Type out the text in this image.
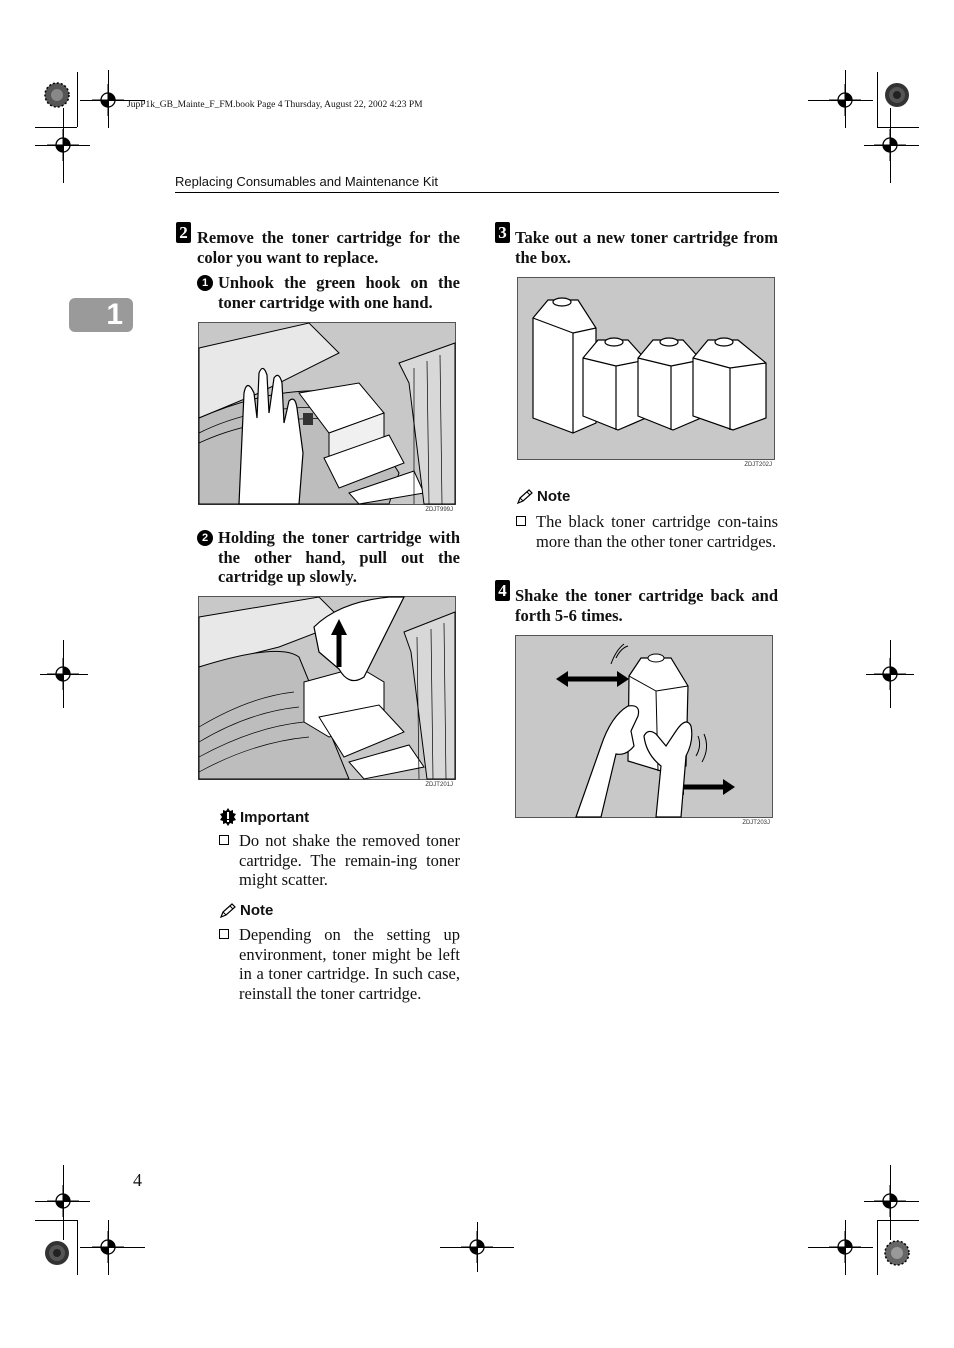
JupP1k_GB_Mainte_F_FM.book Page 4 Thursday, August 22, 2002 4:23 PM
Replacing Consumables and Maintenance Kit
1
2 Remove the toner cartridge for the color you want to replace.
1 Unhook the green hook on the toner cartridge with one hand.
ZDJT999J
2 Holding the toner cartridge with the other hand, pull out the cartridge up slowly.
ZDJT201J
Important
Do not shake the removed toner cartridge. The remain-ing toner might scatter.
Note
Depending on the setting up environment, toner might be left in a toner cartridge. In such case, reinstall the toner cartridge.
3 Take out a new toner cartridge from the box.
ZDJT202J
Note
The black toner cartridge con-tains more than the other toner cartridges.
4 Shake the toner cartridge back and forth 5-6 times.
ZDJT203J
4
